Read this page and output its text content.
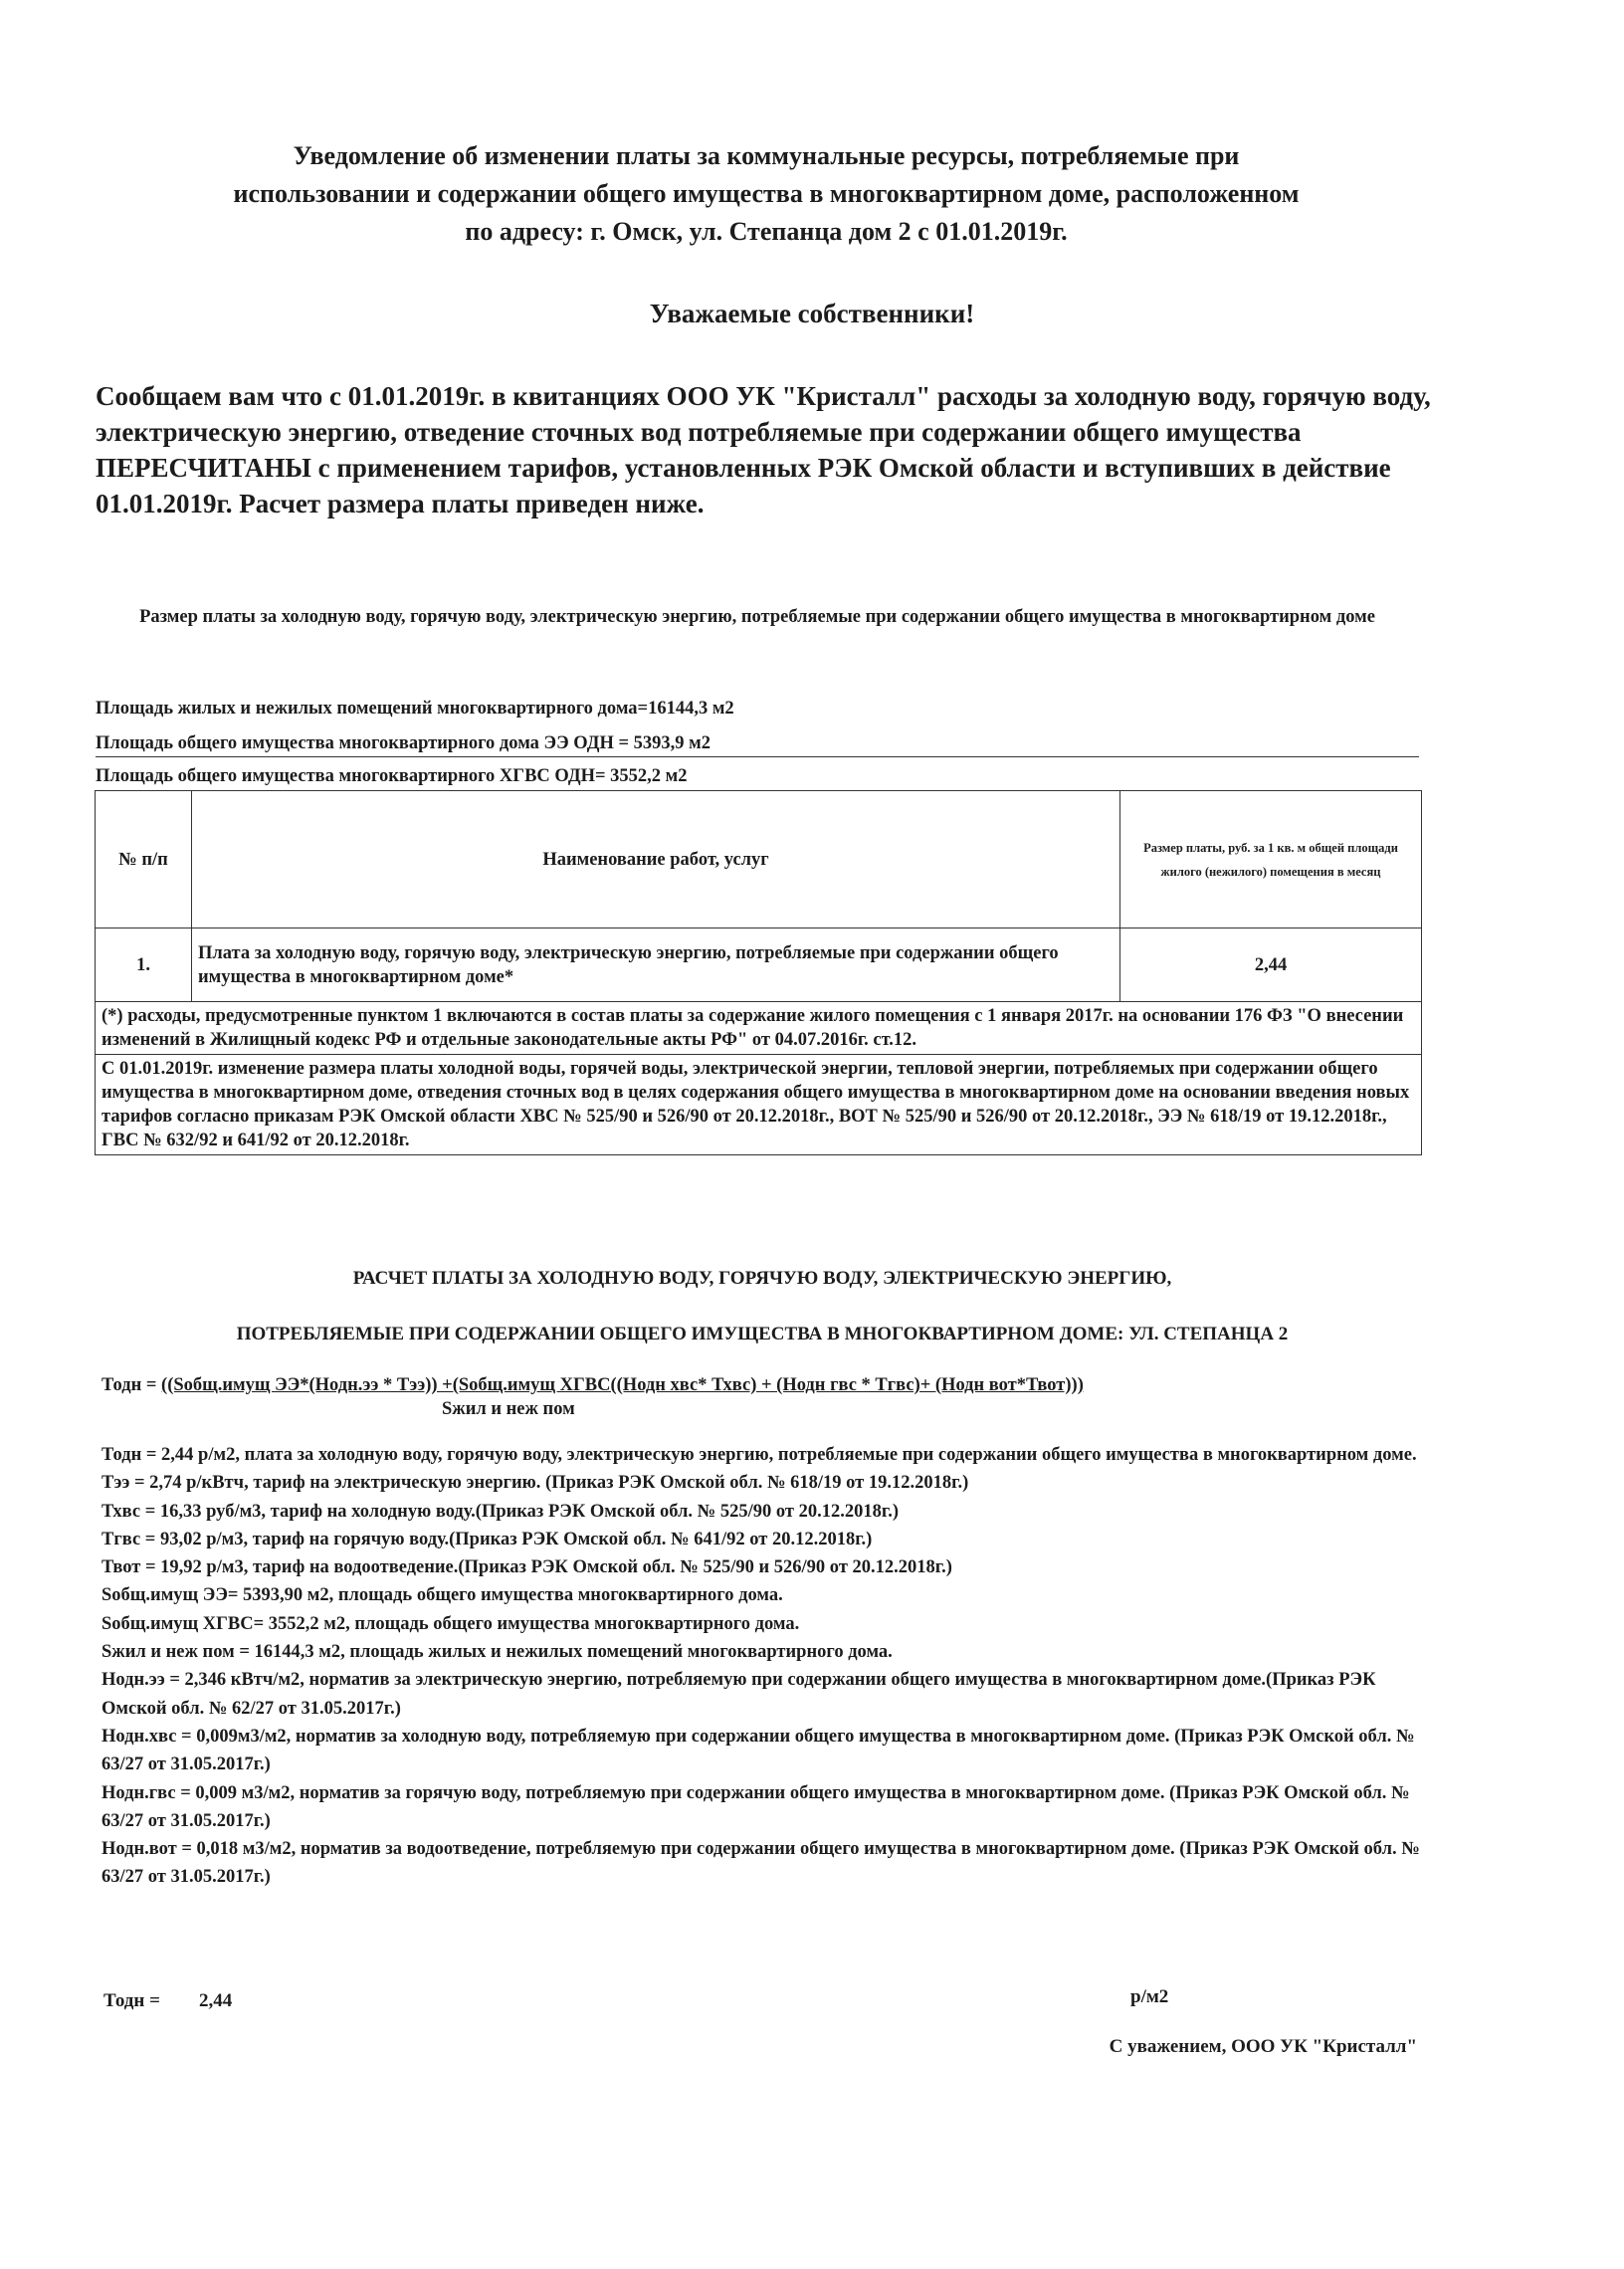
Уведомление об изменении платы за коммунальные ресурсы, потребляемые при
использовании и содержании общего имущества в многоквартирном доме, расположенном
по адресу: г. Омск, ул. Степанца дом 2 с 01.01.2019г.
Уважаемые собственники!
Сообщаем вам что с 01.01.2019г. в квитанциях ООО УК "Кристалл" расходы за холодную воду, горячую воду, электрическую энергию, отведение сточных вод потребляемые при содержании общего имущества ПЕРЕСЧИТАНЫ с применением тарифов, установленных РЭК Омской области и вступивших в действие 01.01.2019г. Расчет размера платы приведен ниже.
Размер платы за холодную воду, горячую воду, электрическую энергию, потребляемые при содержании общего имущества в многоквартирном доме
Площадь жилых и нежилых помещений многоквартирного дома=16144,3 м2
Площадь общего имущества многоквартирного дома ЭЭ ОДН = 5393,9 м2
Площадь общего имущества многоквартирного ХГВС ОДН= 3552,2 м2
№ п/п	Наименование работ, услуг	Размер платы, руб. за 1 кв. м общей площади жилого (нежилого) помещения в месяц
1.	Плата за холодную воду, горячую воду, электрическую энергию, потребляемые при содержании общего имущества в многоквартирном доме*	2,44
(*) расходы, предусмотренные пунктом 1 включаются в состав платы за содержание жилого помещения с 1 января 2017г. на основании 176 ФЗ "О внесении изменений в Жилищный кодекс РФ и отдельные законодательные акты РФ" от 04.07.2016г. ст.12.		
С 01.01.2019г. изменение размера платы холодной воды, горячей воды, электрической энергии, тепловой энергии, потребляемых при содержании общего имущества в многоквартирном доме, отведения сточных вод в целях содержания общего имущества в многоквартирном доме на основании введения новых тарифов согласно приказам РЭК Омской области ХВС № 525/90 и 526/90 от 20.12.2018г., ВОТ № 525/90 и 526/90 от 20.12.2018г., ЭЭ № 618/19 от 19.12.2018г., ГВС № 632/92 и 641/92 от 20.12.2018г.		
РАСЧЕТ ПЛАТЫ ЗА ХОЛОДНУЮ ВОДУ, ГОРЯЧУЮ ВОДУ, ЭЛЕКТРИЧЕСКУЮ ЭНЕРГИЮ,
ПОТРЕБЛЯЕМЫЕ ПРИ СОДЕРЖАНИИ ОБЩЕГО ИМУЩЕСТВА В МНОГОКВАРТИРНОМ ДОМЕ: УЛ. СТЕПАНЦА 2
Тодн = ((Sобщ.имущ ЭЭ*(Нодн.ээ * Тээ)) +(Sобщ.имущ ХГВС((Нодн хвс* Тхвс) + (Нодн гвс * Тгвс)+ (Нодн вот*Твот)))
Sжил и неж пом
Тодн = 2,44 р/м2, плата за холодную воду, горячую воду, электрическую энергию, потребляемые при содержании общего имущества в многоквартирном доме.
Тээ = 2,74 р/кВтч, тариф на электрическую энергию. (Приказ РЭК Омской обл. № 618/19 от 19.12.2018г.)
Тхвс = 16,33 руб/м3, тариф на холодную воду.(Приказ РЭК Омской обл. № 525/90 от 20.12.2018г.)
Тгвс = 93,02 р/м3, тариф на горячую воду.(Приказ РЭК Омской обл. № 641/92 от 20.12.2018г.)
Твот = 19,92 р/м3, тариф на водоотведение.(Приказ РЭК Омской обл. № 525/90 и 526/90 от 20.12.2018г.)
Sобщ.имущ ЭЭ= 5393,90 м2, площадь общего имущества многоквартирного дома.
Sобщ.имущ ХГВС= 3552,2 м2, площадь общего имущества многоквартирного дома.
Sжил и неж пом = 16144,3 м2, площадь жилых и нежилых помещений многоквартирного дома.
Нодн.ээ = 2,346 кВтч/м2, норматив за электрическую энергию, потребляемую при содержании общего имущества в многоквартирном доме.(Приказ РЭК Омской обл. № 62/27 от 31.05.2017г.)
Нодн.хвс = 0,009м3/м2, норматив за холодную воду, потребляемую при содержании общего имущества в многоквартирном доме. (Приказ РЭК Омской обл. № 63/27 от 31.05.2017г.)
Нодн.гвс = 0,009 м3/м2, норматив за горячую воду, потребляемую при содержании общего имущества в многоквартирном доме. (Приказ РЭК Омской обл. № 63/27 от 31.05.2017г.)
Нодн.вот = 0,018 м3/м2, норматив за водоотведение, потребляемую при содержании общего имущества в многоквартирном доме. (Приказ РЭК Омской обл. № 63/27 от 31.05.2017г.)
Тодн = 2,44	р/м2
С уважением, ООО УК "Кристалл"
